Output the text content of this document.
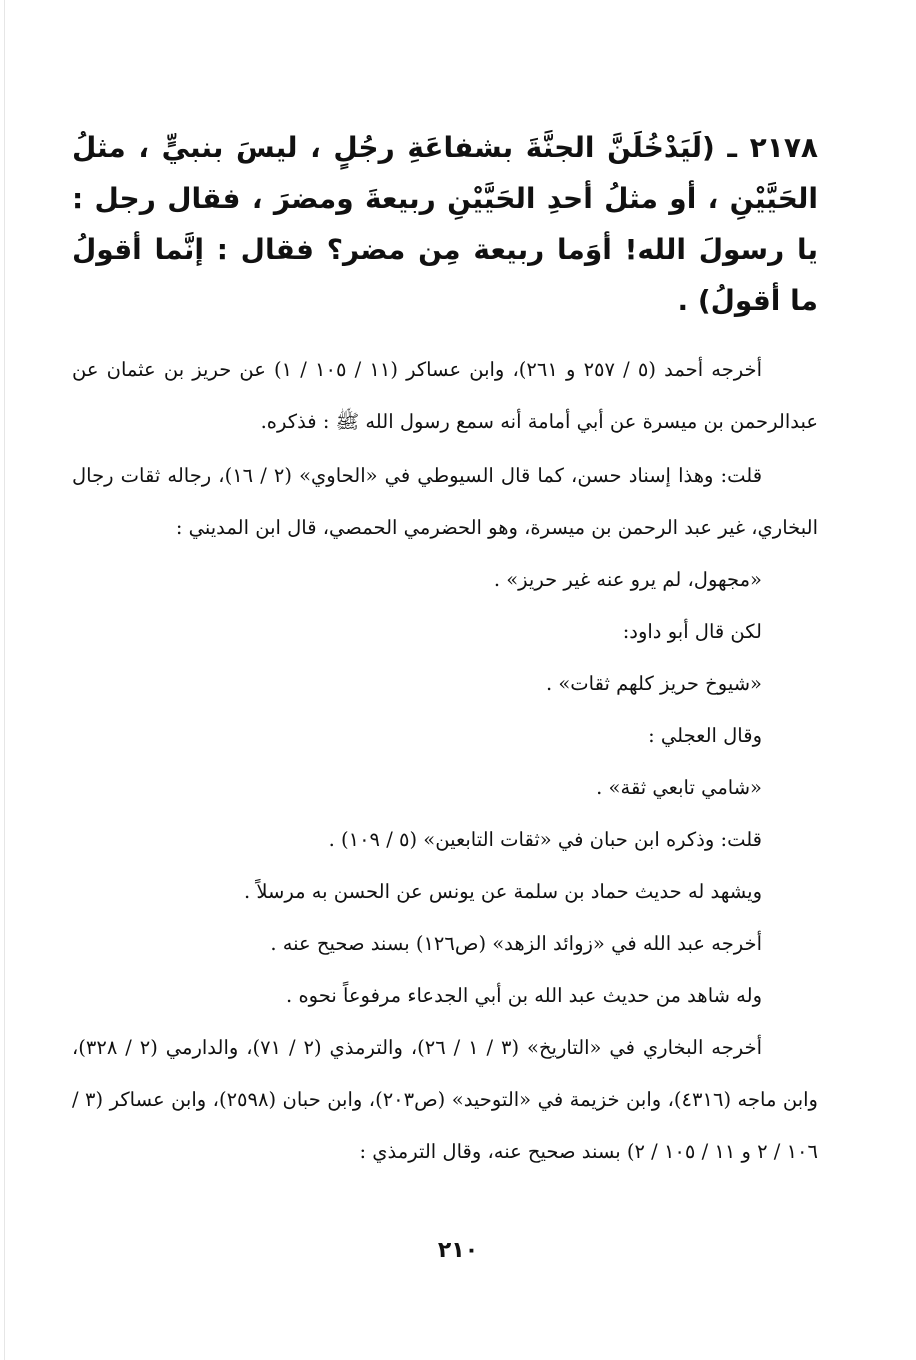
٢١٧٨ ـ (لَيَدْخُلَنَّ الجنَّةَ بشفاعَةِ رجُلٍ ، ليسَ بنبيٍّ ، مثلُ الحَيَّيْنِ ، أو مثلُ أحدِ الحَيَّيْنِ ربيعةَ ومضرَ ، فقال رجل : يا رسولَ الله! أوَما ربيعة مِن مضر؟ فقال : إنَّما أقولُ ما أقولُ) .

أخرجه أحمد (٥ / ٢٥٧ و ٢٦١)، وابن عساكر (١١ / ١٠٥ / ١) عن حريز بن عثمان عن عبدالرحمن بن ميسرة عن أبي أمامة أنه سمع رسول الله ﷺ : فذكره.

قلت: وهذا إسناد حسن، كما قال السيوطي في «الحاوي» (٢ / ١٦)، رجاله ثقات رجال البخاري، غير عبد الرحمن بن ميسرة، وهو الحضرمي الحمصي، قال ابن المديني :

«مجهول، لم يرو عنه غير حريز» .

لكن قال أبو داود:

«شيوخ حريز كلهم ثقات» .

وقال العجلي :

«شامي تابعي ثقة» .

قلت: وذكره ابن حبان في «ثقات التابعين» (٥ / ١٠٩) .

ويشهد له حديث حماد بن سلمة عن يونس عن الحسن به مرسلاً .

أخرجه عبد الله في «زوائد الزهد» (ص١٢٦) بسند صحيح عنه .

وله شاهد من حديث عبد الله بن أبي الجدعاء مرفوعاً نحوه .

أخرجه البخاري في «التاريخ» (٣ / ١ / ٢٦)، والترمذي (٢ / ٧١)، والدارمي (٢ / ٣٢٨)، وابن ماجه (٤٣١٦)، وابن خزيمة في «التوحيد» (ص٢٠٣)، وابن حبان (٢٥٩٨)، وابن عساكر (٣ / ١٠٦ / ٢ و ١١ / ١٠٥ / ٢) بسند صحيح عنه، وقال الترمذي :

٢١٠
